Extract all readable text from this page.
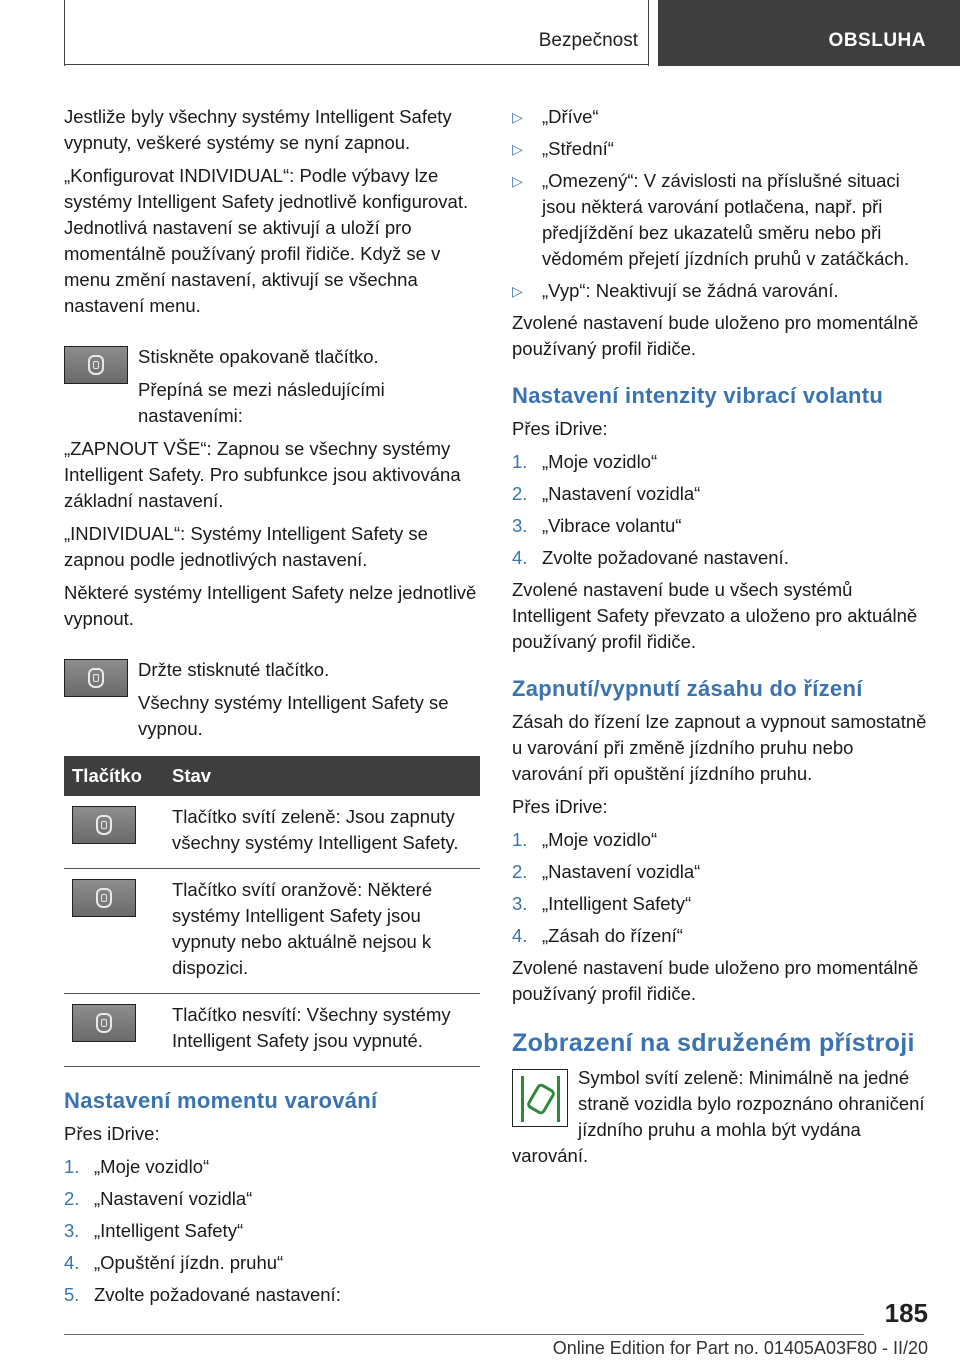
Bezpečnost	OBSLUHA

Jestliže byly všechny systémy Intelligent Safety vypnuty, veškeré systémy se nyní zapnou.

„Konfigurovat INDIVIDUAL“: Podle výbavy lze systémy Intelligent Safety jednotlivě konfigurovat. Jednotlivá nastavení se aktivují a uloží pro momentálně používaný profil řidiče. Když se v menu změní nastavení, aktivují se všechna nastavení menu.

Stiskněte opakovaně tlačítko.

Přepíná se mezi následujícími nastaveními:

„ZAPNOUT VŠE“: Zapnou se všechny systémy Intelligent Safety. Pro subfunkce jsou aktivována základní nastavení.

„INDIVIDUAL“: Systémy Intelligent Safety se zapnou podle jednotlivých nastavení.

Některé systémy Intelligent Safety nelze jednotlivě vypnout.

Držte stisknuté tlačítko.

Všechny systémy Intelligent Safety se vypnou.

Tlačítko	Stav

	Tlačítko svítí zeleně: Jsou zapnuty všechny systémy Intelligent Safety.

	Tlačítko svítí oranžově: Některé systémy Intelligent Safety jsou vypnuty nebo aktuálně nejsou k dispozici.

	Tlačítko nesvítí: Všechny systémy Intelligent Safety jsou vypnuté.
Nastavení momentu varování

Přes iDrive:

1. „Moje vozidlo“
2. „Nastavení vozidla“
3. „Intelligent Safety“
4. „Opuštění jízdn. pruhu“
5. Zvolte požadované nastavení:
▷ „Dříve“
▷ „Střední“
▷ „Omezený“: V závislosti na příslušné situaci jsou některá varování potlačena, např. při předjíždění bez ukazatelů směru nebo při vědomém přejetí jízdních pruhů v zatáčkách.
▷ „Vyp“: Neaktivují se žádná varování.

Zvolené nastavení bude uloženo pro momentálně používaný profil řidiče.

Nastavení intenzity vibrací volantu

Přes iDrive:

1. „Moje vozidlo“
2. „Nastavení vozidla“
3. „Vibrace volantu“
4. Zvolte požadované nastavení.

Zvolené nastavení bude u všech systémů Intelligent Safety převzato a uloženo pro aktuálně používaný profil řidiče.

Zapnutí/vypnutí zásahu do řízení

Zásah do řízení lze zapnout a vypnout samostatně u varování při změně jízdního pruhu nebo varování při opuštění jízdního pruhu.

Přes iDrive:

1. „Moje vozidlo“
2. „Nastavení vozidla“
3. „Intelligent Safety“
4. „Zásah do řízení“

Zvolené nastavení bude uloženo pro momentálně používaný profil řidiče.

Zobrazení na sdruženém přístroji

Symbol svítí zeleně: Minimálně na jedné straně vozidla bylo rozpoznáno ohraničení jízdního pruhu a mohla být vydána varování.

185
Online Edition for Part no. 01405A03F80 - II/20
